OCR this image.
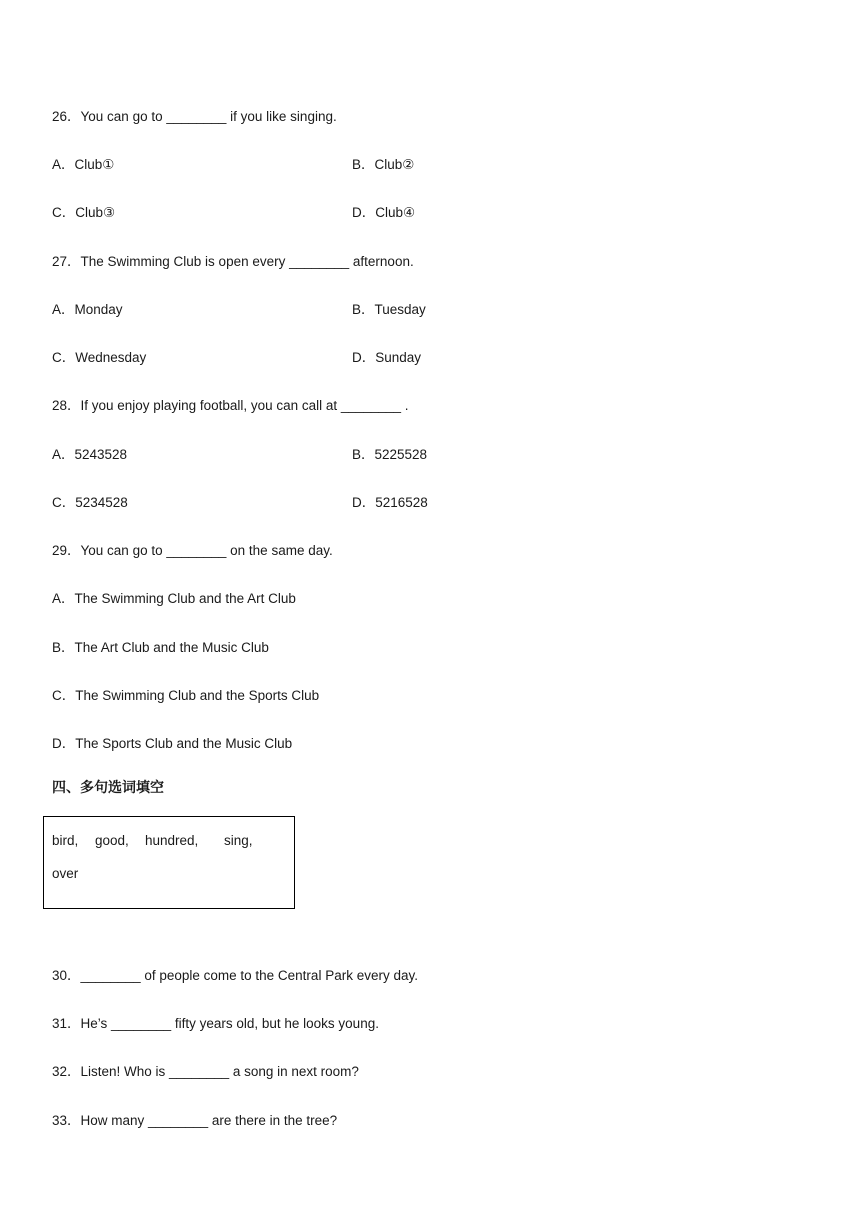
26．You can go to ________ if you like singing.
A．Club①	B．Club②
C．Club③	D．Club④
27．The Swimming Club is open every ________ afternoon.
A．Monday	B．Tuesday
C．Wednesday	D．Sunday
28．If you enjoy playing football, you can call at ________ .
A．5243528	B．5225528
C．5234528	D．5216528
29．You can go to ________ on the same day.
A．The Swimming Club and the Art Club
B．The Art Club and the Music Club
C．The Swimming Club and the Sports Club
D．The Sports Club and the Music Club
四、多句选词填空
bird, good, hundred, sing,
over
30．________ of people come to the Central Park every day.
31．He’s ________ fifty years old, but he looks young.
32．Listen! Who is ________ a song in next room?
33．How many ________ are there in the tree?
